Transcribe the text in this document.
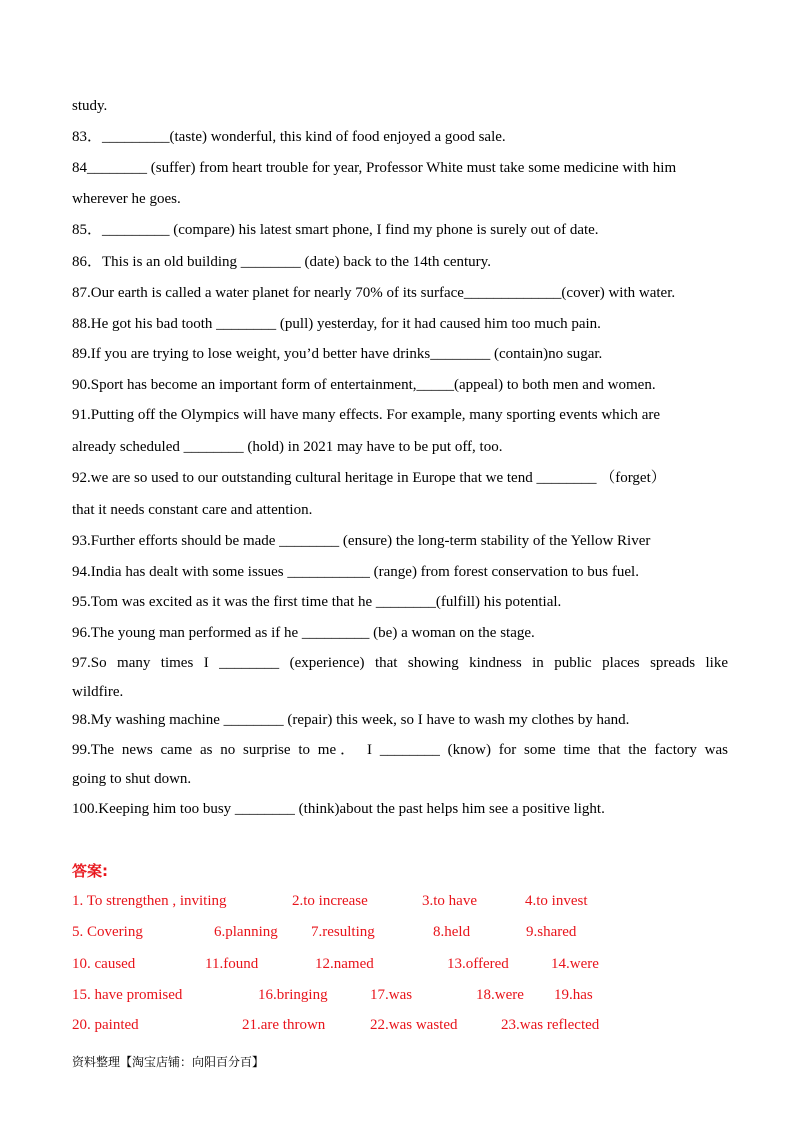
study.
83．_________(taste) wonderful, this kind of food enjoyed a good sale.
84________ (suffer) from heart trouble for year, Professor White must take some medicine with him
wherever he goes.
85．_________ (compare) his latest smart phone, I find my phone is surely out of date.
86．This is an old building ________ (date) back to the 14th century.
87.Our earth is called a water planet for nearly 70% of its surface_____________(cover) with water.
88.He got his bad tooth ________ (pull) yesterday, for it had caused him too much pain.
89.If you are trying to lose weight, you’d better have drinks________ (contain)no sugar.
90.Sport has become an important form of entertainment,_____(appeal) to both men and women.
91.Putting off the Olympics will have many effects. For example, many sporting events which are
already scheduled ________ (hold) in 2021 may have to be put off, too.
92.we are so used to our outstanding cultural heritage in Europe that we tend ________ （forget）
that it needs constant care and attention.
93.Further efforts should be made ________ (ensure) the long-term stability of the Yellow River
94.India has dealt with some issues ___________ (range) from forest conservation to bus fuel.
95.Tom was excited as it was the first time that he ________(fulfill) his potential.
96.The young man performed as if he _________ (be) a woman on the stage.
97.So many times I ________ (experience) that showing kindness in public places spreads like
wildfire.
98.My washing machine ________ (repair) this week, so I have to wash my clothes by hand.
99.The news came as no surprise to me． I ________ (know) for some time that the factory was
going to shut down.
100.Keeping him too busy ________ (think)about the past helps him see a positive light.
答案:
1. To strengthen , inviting	2.to increase	3.to have	4.to invest
5. Covering	6.planning 7.resulting	8.held	9.shared
10. caused	11.found	12.named	13.offered	14.were
15. have promised	16.bringing	17.was	18.were 19.has
20. painted	21.are thrown	22.was wasted	23.was reflected
资料整理【淘宝店铺：向阳百分百】
